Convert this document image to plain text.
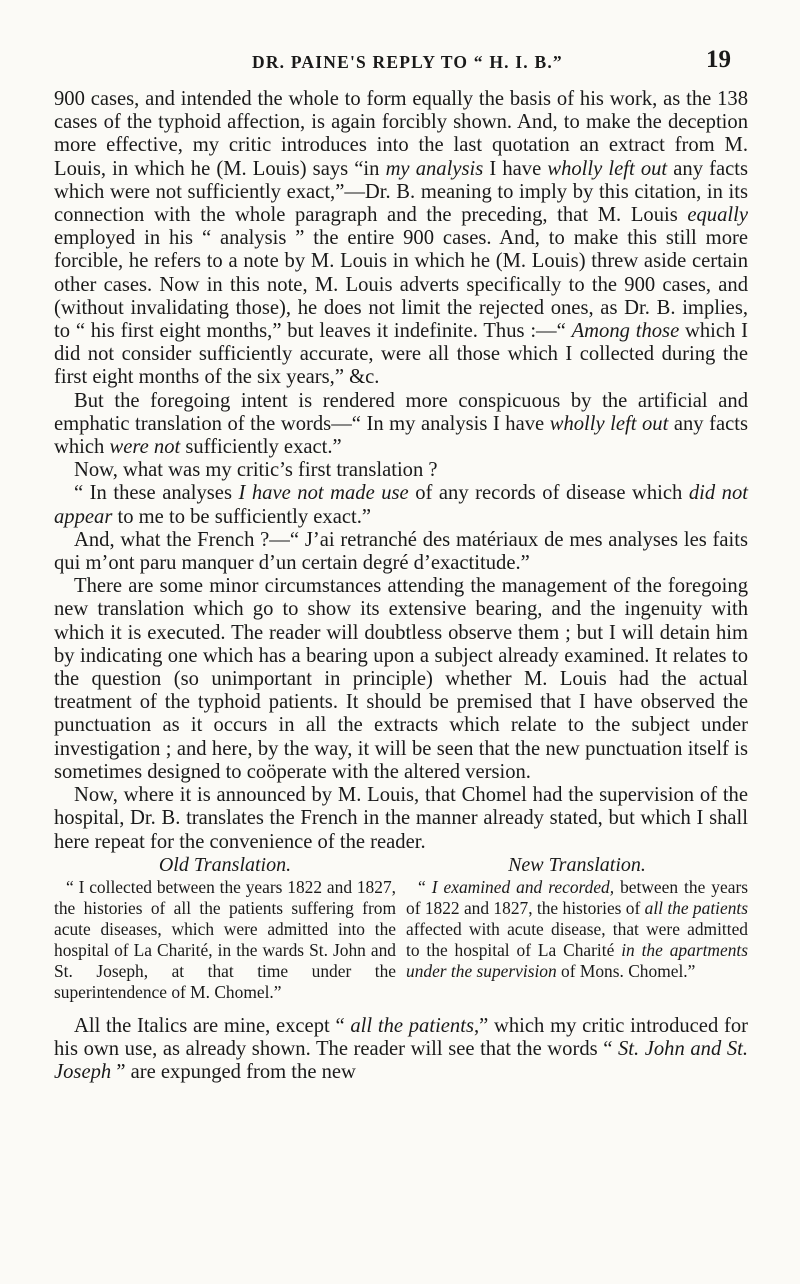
DR. PAINE'S REPLY TO “ H. I. B.”	19

900 cases, and intended the whole to form equally the basis of his work, as the 138 cases of the typhoid affection, is again forcibly shown. And, to make the deception more effective, my critic introduces into the last quotation an extract from M. Louis, in which he (M. Louis) says “in my analysis I have wholly left out any facts which were not sufficiently exact,”—Dr. B. meaning to imply by this citation, in its connection with the whole paragraph and the preceding, that M. Louis equally employed in his “ analysis ” the entire 900 cases. And, to make this still more forcible, he refers to a note by M. Louis in which he (M. Louis) threw aside certain other cases. Now in this note, M. Louis adverts specifically to the 900 cases, and (without invalidating those), he does not limit the rejected ones, as Dr. B. implies, to “ his first eight months,” but leaves it indefinite. Thus :—“ Among those which I did not consider sufficiently accurate, were all those which I collected during the first eight months of the six years,” &c.

But the foregoing intent is rendered more conspicuous by the artificial and emphatic translation of the words—“ In my analysis I have wholly left out any facts which were not sufficiently exact.”

Now, what was my critic’s first translation ?

“ In these analyses I have not made use of any records of disease which did not appear to me to be sufficiently exact.”

And, what the French ?—“ J’ai retranché des matériaux de mes analyses les faits qui m’ont paru manquer d’un certain degré d’exactitude.”

There are some minor circumstances attending the management of the foregoing new translation which go to show its extensive bearing, and the ingenuity with which it is executed. The reader will doubtless observe them ; but I will detain him by indicating one which has a bearing upon a subject already examined. It relates to the question (so unimportant in principle) whether M. Louis had the actual treatment of the typhoid patients. It should be premised that I have observed the punctuation as it occurs in all the extracts which relate to the subject under investigation ; and here, by the way, it will be seen that the new punctuation itself is sometimes designed to coöperate with the altered version.

Now, where it is announced by M. Louis, that Chomel had the supervision of the hospital, Dr. B. translates the French in the manner already stated, but which I shall here repeat for the convenience of the reader.

Old Translation.
“ I collected between the years 1822 and 1827, the histories of all the patients suffering from acute diseases, which were admitted into the hospital of La Charité, in the wards St. John and St. Joseph, at that time under the superintendence of M. Chomel.”
New Translation.
“ I examined and recorded, between the years of 1822 and 1827, the histories of all the patients affected with acute disease, that were admitted to the hospital of La Charité in the apartments under the supervision of Mons. Chomel.”

All the Italics are mine, except “ all the patients,” which my critic introduced for his own use, as already shown. The reader will see that the words “ St. John and St. Joseph ” are expunged from the new
